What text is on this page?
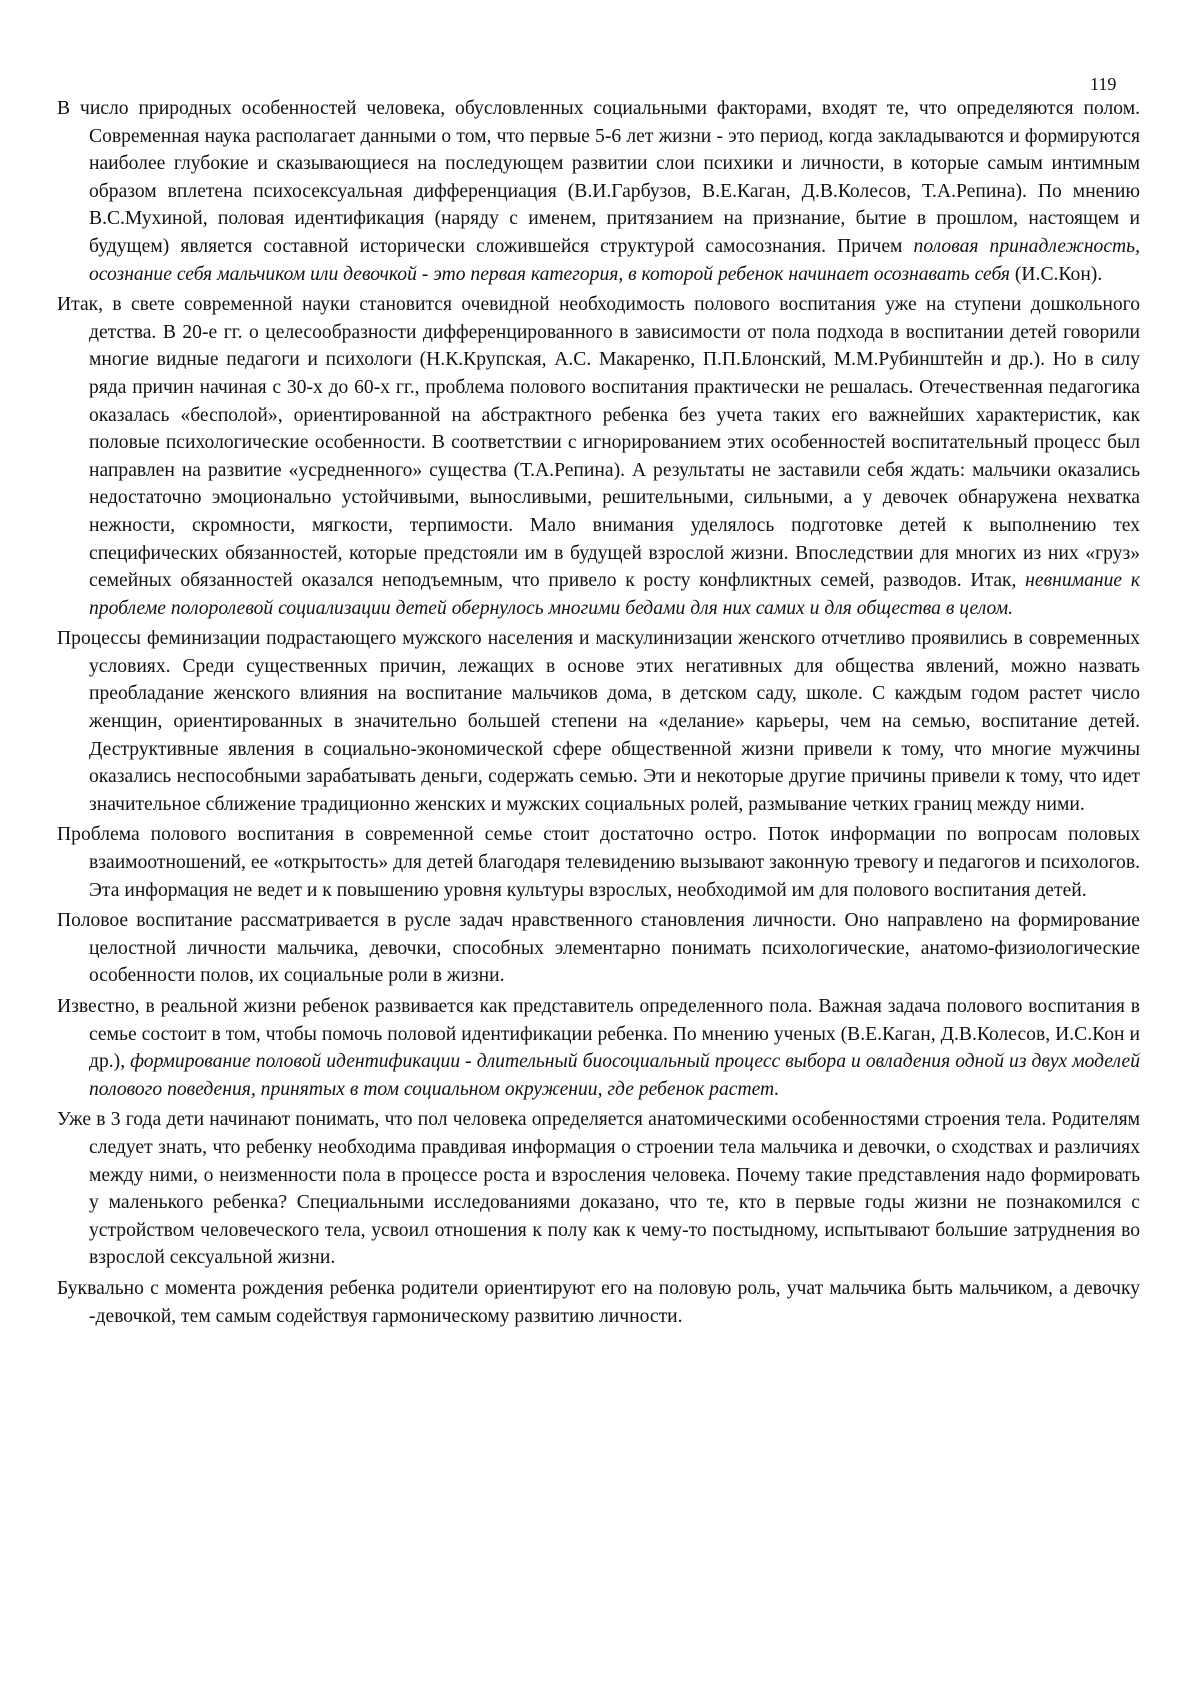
119

В число природных особенностей человека, обусловленных социальными факторами, входят те, что определяются полом. Современная наука располагает данными о том, что первые 5-6 лет жизни - это период, когда закладываются и формируются наиболее глубокие и сказывающиеся на последующем развитии слои психики и личности, в которые самым интимным образом вплетена психосексуальная дифференциация (В.И.Гарбузов, В.Е.Каган, Д.В.Колесов, Т.А.Репина). По мнению В.С.Мухиной, половая идентификация (наряду с именем, притязанием на признание, бытие в прошлом, настоящем и будущем) является составной исторически сложившейся структурой самосознания. Причем половая принадлежность, осознание себя мальчиком или девочкой - это первая категория, в которой ребенок начинает осознавать себя (И.С.Кон).

Итак, в свете современной науки становится очевидной необходимость полового воспитания уже на ступени дошкольного детства. В 20-е гг. о целесообразности дифференцированного в зависимости от пола подхода в воспитании детей говорили многие видные педагоги и психологи (Н.К.Крупская, А.С. Макаренко, П.П.Блонский, М.М.Рубинштейн и др.). Но в силу ряда причин начиная с 30-х до 60-х гг., проблема полового воспитания практически не решалась. Отечественная педагогика оказалась «бесполой», ориентированной на абстрактного ребенка без учета таких его важнейших характеристик, как половые психологические особенности. В соответствии с игнорированием этих особенностей воспитательный процесс был направлен на развитие «усредненного» существа (Т.А.Репина). А результаты не заставили себя ждать: мальчики оказались недостаточно эмоционально устойчивыми, выносливыми, решительными, сильными, а у девочек обнаружена нехватка нежности, скромности, мягкости, терпимости. Мало внимания уделялось подготовке детей к выполнению тех специфических обязанностей, которые предстояли им в будущей взрослой жизни. Впоследствии для многих из них «груз» семейных обязанностей оказался неподъемным, что привело к росту конфликтных семей, разводов. Итак, невнимание к проблеме полоролевой социализации детей обернулось многими бедами для них самих и для общества в целом.

Процессы феминизации подрастающего мужского населения и маскулинизации женского отчетливо проявились в современных условиях. Среди существенных причин, лежащих в основе этих негативных для общества явлений, можно назвать преобладание женского влияния на воспитание мальчиков дома, в детском саду, школе. С каждым годом растет число женщин, ориентированных в значительно большей степени на «делание» карьеры, чем на семью, воспитание детей. Деструктивные явления в социально-экономической сфере общественной жизни привели к тому, что многие мужчины оказались неспособными зарабатывать деньги, содержать семью. Эти и некоторые другие причины привели к тому, что идет значительное сближение традиционно женских и мужских социальных ролей, размывание четких границ между ними.

Проблема полового воспитания в современной семье стоит достаточно остро. Поток информации по вопросам половых взаимоотношений, ее «открытость» для детей благодаря телевидению вызывают законную тревогу и педагогов и психологов. Эта информация не ведет и к повышению уровня культуры взрослых, необходимой им для полового воспитания детей.

Половое воспитание рассматривается в русле задач нравственного становления личности. Оно направлено на формирование целостной личности мальчика, девочки, способных элементарно понимать психологические, анатомо-физиологические особенности полов, их социальные роли в жизни.

Известно, в реальной жизни ребенок развивается как представитель определенного пола. Важная задача полового воспитания в семье состоит в том, чтобы помочь половой идентификации ребенка. По мнению ученых (В.Е.Каган, Д.В.Колесов, И.С.Кон и др.), формирование половой идентификации - длительный биосоциальный процесс выбора и овладения одной из двух моделей полового поведения, принятых в том социальном окружении, где ребенок растет.

Уже в 3 года дети начинают понимать, что пол человека определяется анатомическими особенностями строения тела. Родителям следует знать, что ребенку необходима правдивая информация о строении тела мальчика и девочки, о сходствах и различиях между ними, о неизменности пола в процессе роста и взросления человека. Почему такие представления надо формировать у маленького ребенка? Специальными исследованиями доказано, что те, кто в первые годы жизни не познакомился с устройством человеческого тела, усвоил отношения к полу как к чему-то постыдному, испытывают большие затруднения во взрослой сексуальной жизни.

Буквально с момента рождения ребенка родители ориентируют его на половую роль, учат мальчика быть мальчиком, а девочку -девочкой, тем самым содействуя гармоническому развитию личности.
